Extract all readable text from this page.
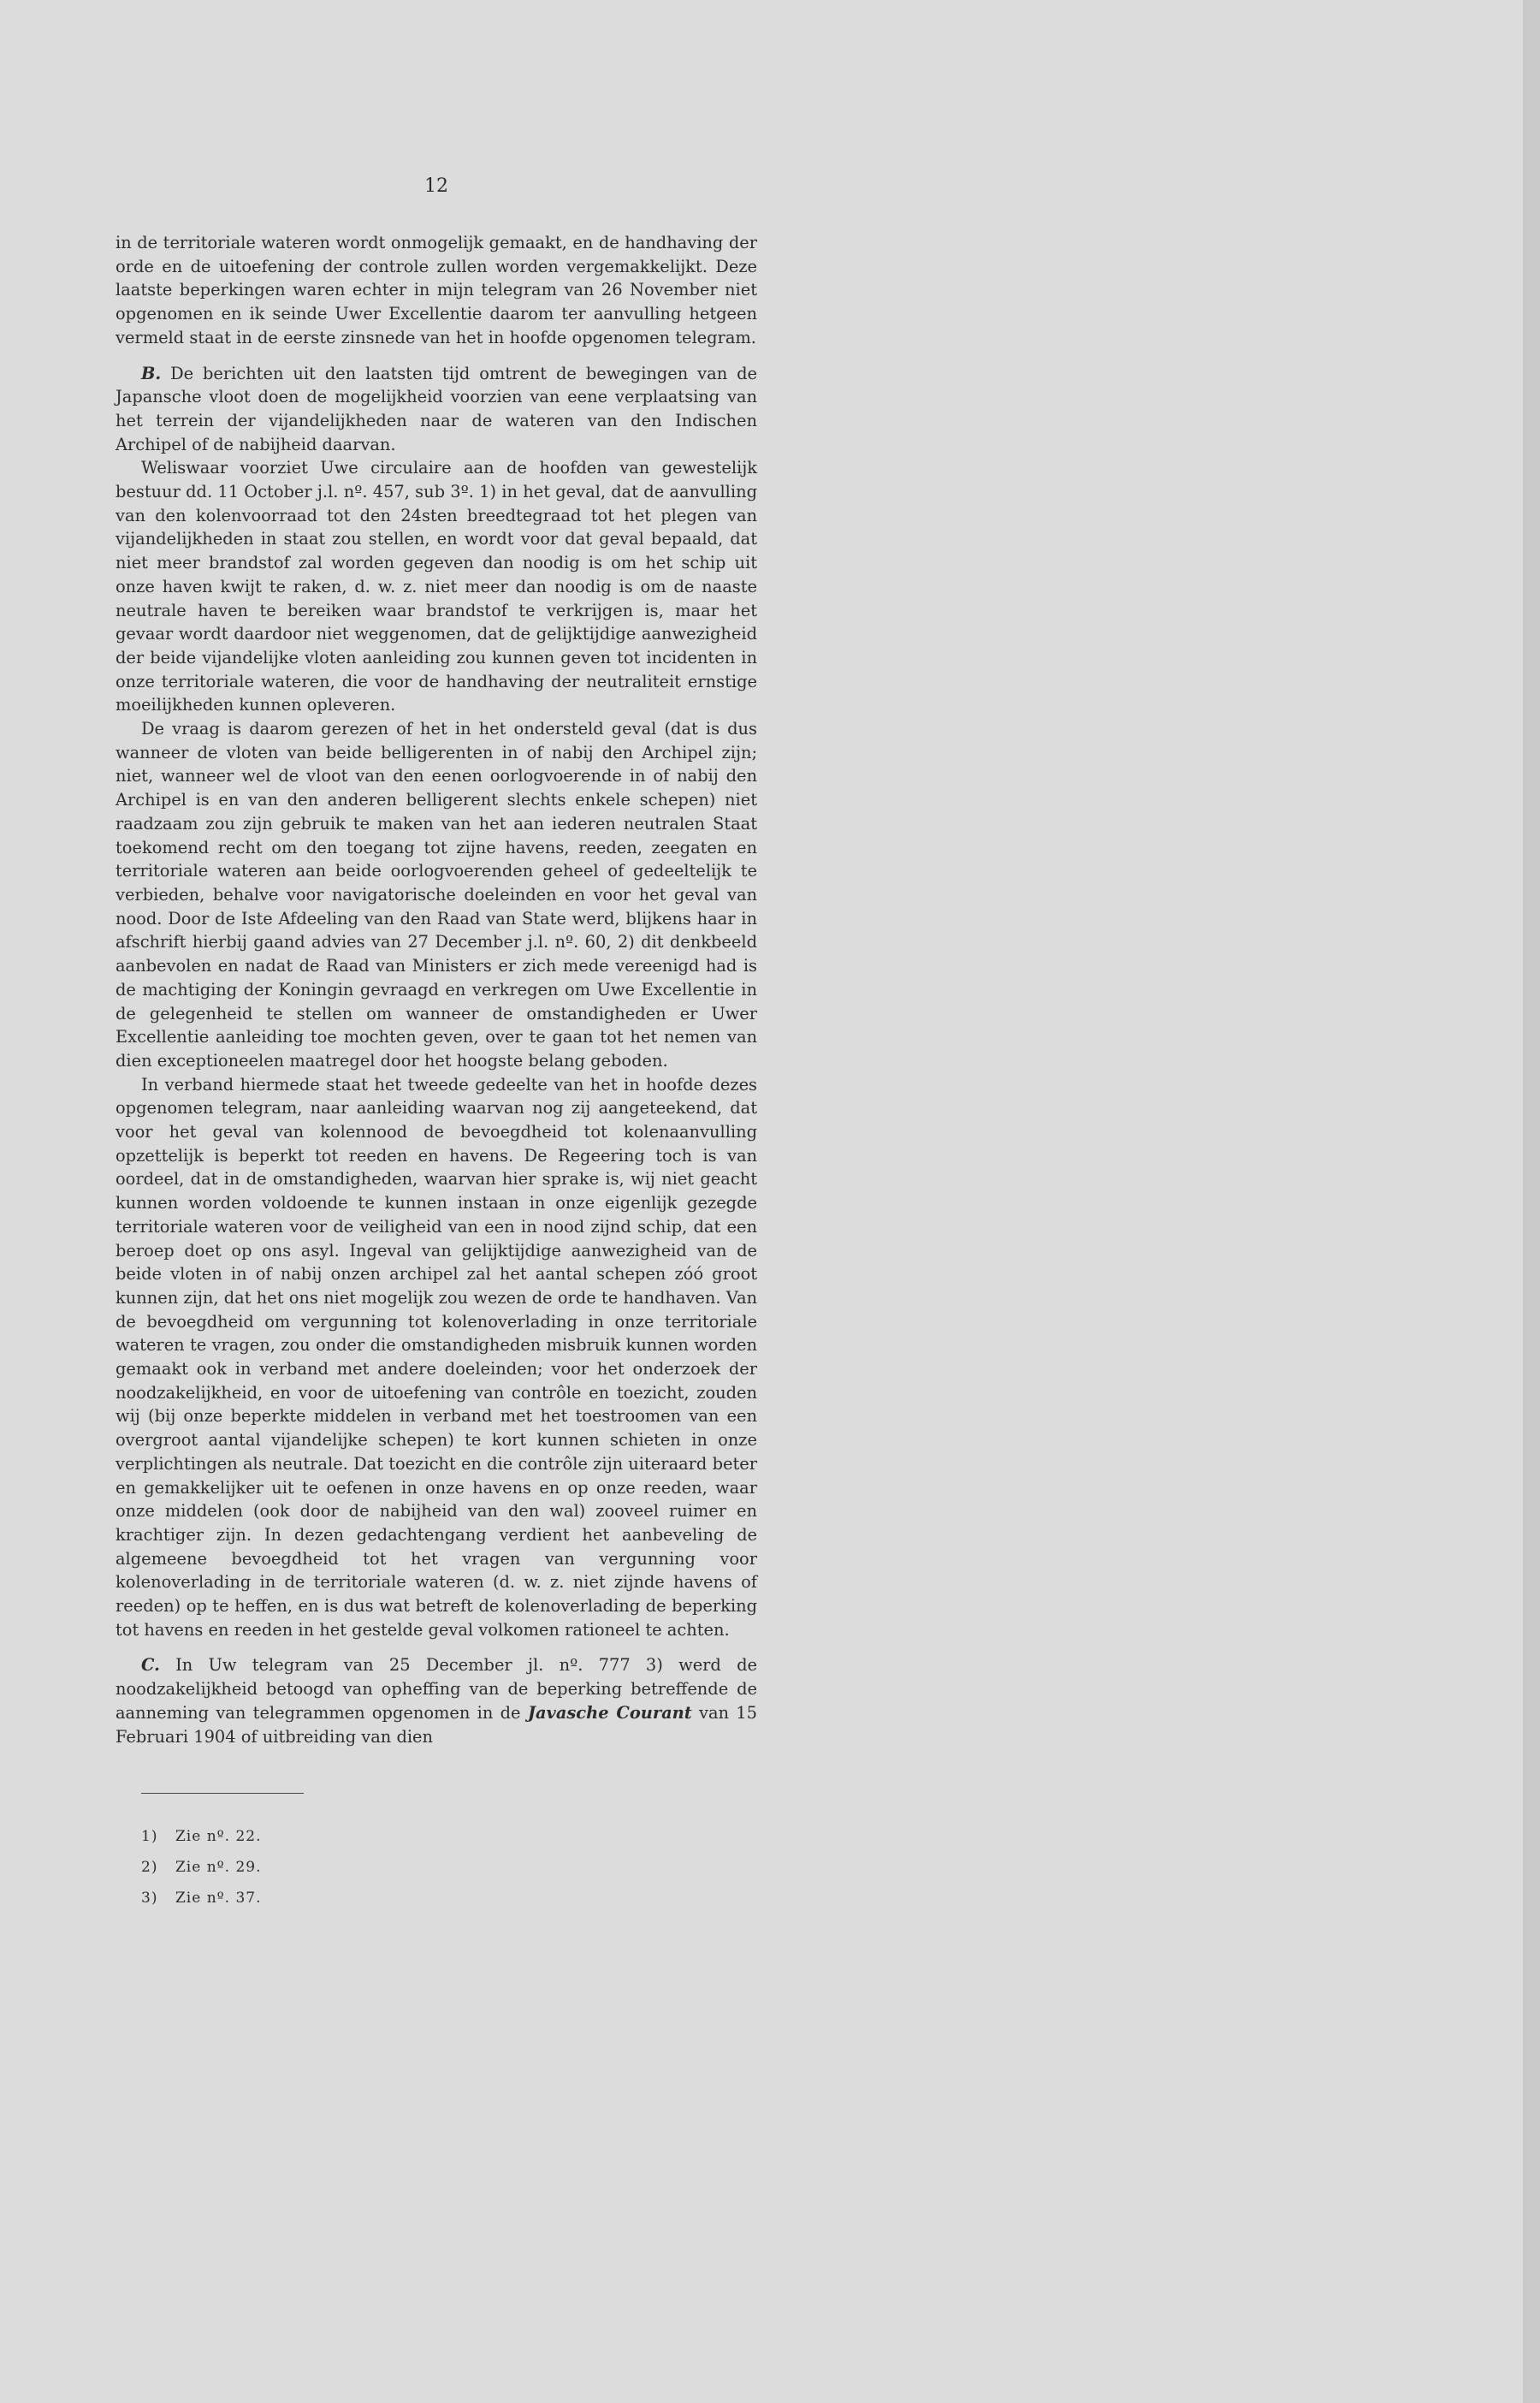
12

in de territoriale wateren wordt onmogelijk gemaakt, en de handhaving der orde en de uitoefening der controle zullen worden vergemakkelijkt. Deze laatste beperkingen waren echter in mijn telegram van 26 November niet opgenomen en ik seinde Uwer Excellentie daarom ter aanvulling hetgeen vermeld staat in de eerste zinsnede van het in hoofde opgenomen telegram.

B. De berichten uit den laatsten tijd omtrent de bewegingen van de Japansche vloot doen de mogelijkheid voorzien van eene verplaatsing van het terrein der vijandelijkheden naar de wateren van den Indischen Archipel of de nabijheid daarvan.

Weliswaar voorziet Uwe circulaire aan de hoofden van gewestelijk bestuur dd. 11 October j.l. nº. 457, sub 3º. 1) in het geval, dat de aanvulling van den kolenvoorraad tot den 24sten breedtegraad tot het plegen van vijandelijkheden in staat zou stellen, en wordt voor dat geval bepaald, dat niet meer brandstof zal worden gegeven dan noodig is om het schip uit onze haven kwijt te raken, d. w. z. niet meer dan noodig is om de naaste neutrale haven te bereiken waar brandstof te verkrijgen is, maar het gevaar wordt daardoor niet weggenomen, dat de gelijktijdige aanwezigheid der beide vijandelijke vloten aanleiding zou kunnen geven tot incidenten in onze territoriale wateren, die voor de handhaving der neutraliteit ernstige moeilijkheden kunnen opleveren.

De vraag is daarom gerezen of het in het ondersteld geval (dat is dus wanneer de vloten van beide belligerenten in of nabij den Archipel zijn; niet, wanneer wel de vloot van den eenen oorlogvoerende in of nabij den Archipel is en van den anderen belligerent slechts enkele schepen) niet raadzaam zou zijn gebruik te maken van het aan iederen neutralen Staat toekomend recht om den toegang tot zijne havens, reeden, zeegaten en territoriale wateren aan beide oorlogvoerenden geheel of gedeeltelijk te verbieden, behalve voor navigatorische doeleinden en voor het geval van nood. Door de Iste Afdeeling van den Raad van State werd, blijkens haar in afschrift hierbij gaand advies van 27 December j.l. nº. 60, 2) dit denkbeeld aanbevolen en nadat de Raad van Ministers er zich mede vereenigd had is de machtiging der Koningin gevraagd en verkregen om Uwe Excellentie in de gelegenheid te stellen om wanneer de omstandigheden er Uwer Excellentie aanleiding toe mochten geven, over te gaan tot het nemen van dien exceptioneelen maatregel door het hoogste belang geboden.

In verband hiermede staat het tweede gedeelte van het in hoofde dezes opgenomen telegram, naar aanleiding waarvan nog zij aangeteekend, dat voor het geval van kolennood de bevoegdheid tot kolenaanvulling opzettelijk is beperkt tot reeden en havens. De Regeering toch is van oordeel, dat in de omstandigheden, waarvan hier sprake is, wij niet geacht kunnen worden voldoende te kunnen instaan in onze eigenlijk gezegde territoriale wateren voor de veiligheid van een in nood zijnd schip, dat een beroep doet op ons asyl. Ingeval van gelijktijdige aanwezigheid van de beide vloten in of nabij onzen archipel zal het aantal schepen zóó groot kunnen zijn, dat het ons niet mogelijk zou wezen de orde te handhaven. Van de bevoegdheid om vergunning tot kolenoverlading in onze territoriale wateren te vragen, zou onder die omstandigheden misbruik kunnen worden gemaakt ook in verband met andere doeleinden; voor het onderzoek der noodzakelijkheid, en voor de uitoefening van contrôle en toezicht, zouden wij (bij onze beperkte middelen in verband met het toestroomen van een overgroot aantal vijandelijke schepen) te kort kunnen schieten in onze verplichtingen als neutrale. Dat toezicht en die contrôle zijn uiteraard beter en gemakkelijker uit te oefenen in onze havens en op onze reeden, waar onze middelen (ook door de nabijheid van den wal) zooveel ruimer en krachtiger zijn. In dezen gedachtengang verdient het aanbeveling de algemeene bevoegdheid tot het vragen van vergunning voor kolenoverlading in de territoriale wateren (d. w. z. niet zijnde havens of reeden) op te heffen, en is dus wat betreft de kolenoverlading de beperking tot havens en reeden in het gestelde geval volkomen rationeel te achten.

C. In Uw telegram van 25 December jl. nº. 777 3) werd de noodzakelijkheid betoogd van opheffing van de beperking betreffende de aanneming van telegrammen opgenomen in de Javasche Courant van 15 Februari 1904 of uitbreiding van dien

1) Zie nº. 22.

2) Zie nº. 29.

3) Zie nº. 37.
